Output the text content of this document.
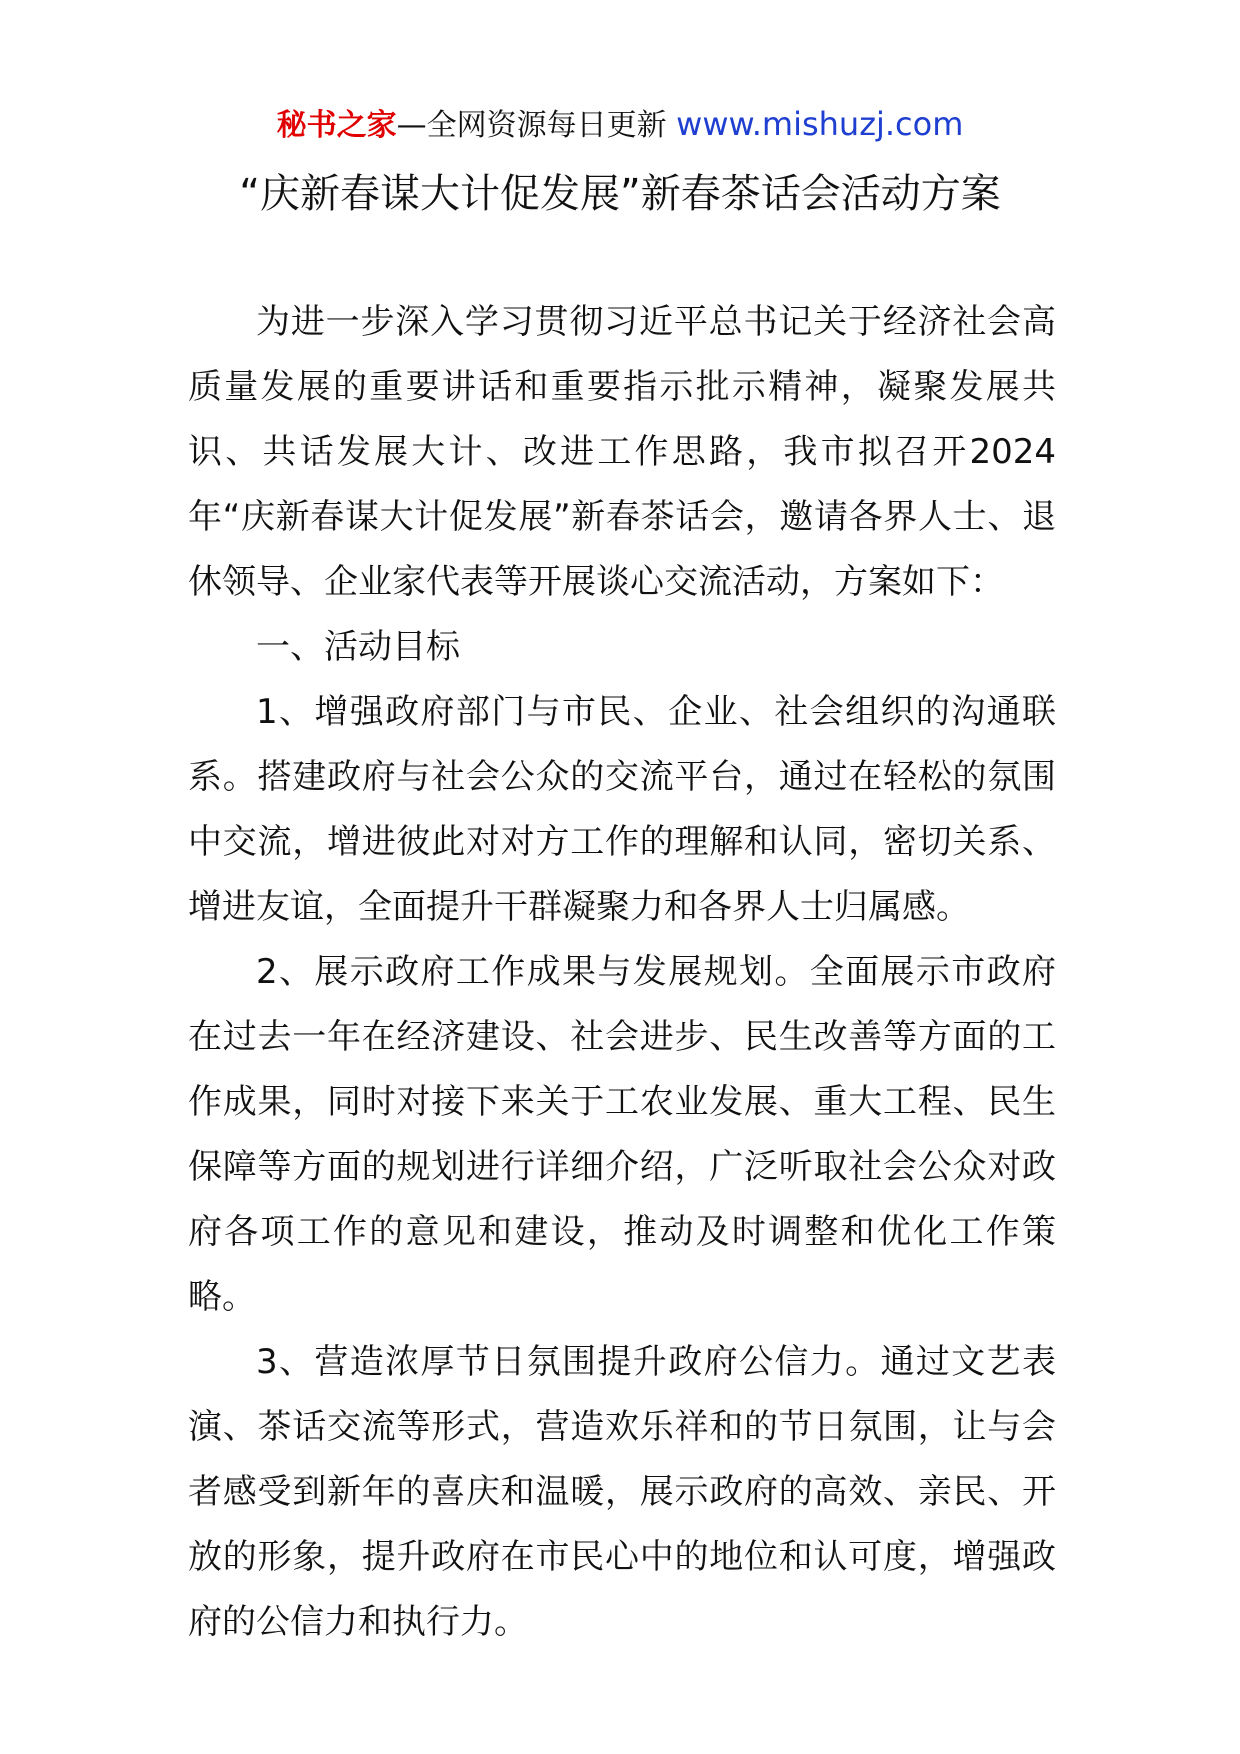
秘书之家—全网资源每日更新 www.mishuzj.com
“庆新春谋大计促发展”新春茶话会活动方案

为进一步深入学习贯彻习近平总书记关于经济社会高质量发展的重要讲话和重要指示批示精神，凝聚发展共识、共话发展大计、改进工作思路，我市拟召开2024年“庆新春谋大计促发展”新春茶话会，邀请各界人士、退休领导、企业家代表等开展谈心交流活动，方案如下：

一、活动目标

1、增强政府部门与市民、企业、社会组织的沟通联系。搭建政府与社会公众的交流平台，通过在轻松的氛围中交流，增进彼此对对方工作的理解和认同，密切关系、增进友谊，全面提升干群凝聚力和各界人士归属感。

2、展示政府工作成果与发展规划。全面展示市政府在过去一年在经济建设、社会进步、民生改善等方面的工作成果，同时对接下来关于工农业发展、重大工程、民生保障等方面的规划进行详细介绍，广泛听取社会公众对政府各项工作的意见和建设，推动及时调整和优化工作策略。

3、营造浓厚节日氛围提升政府公信力。通过文艺表演、茶话交流等形式，营造欢乐祥和的节日氛围，让与会者感受到新年的喜庆和温暖，展示政府的高效、亲民、开放的形象，提升政府在市民心中的地位和认可度，增强政府的公信力和执行力。
